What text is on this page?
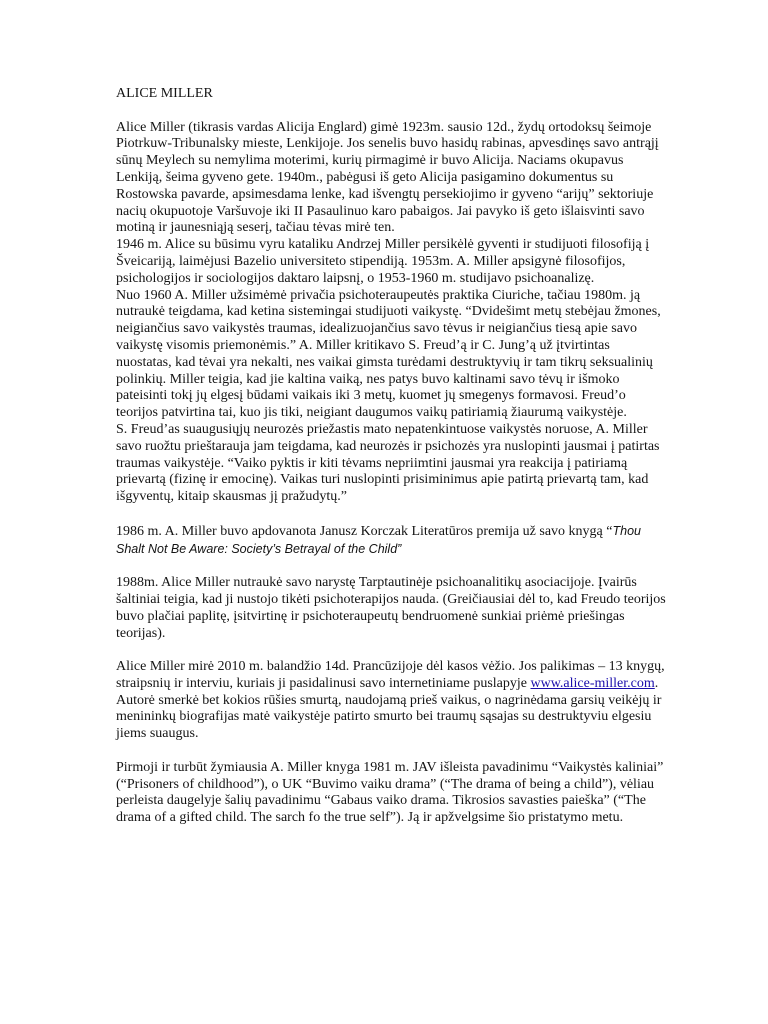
ALICE MILLER

Alice Miller (tikrasis vardas Alicija Englard) gimė 1923m. sausio 12d., žydų ortodoksų šeimoje Piotrkuw-Tribunalsky mieste, Lenkijoje. Jos senelis buvo hasidų rabinas, apvesdinęs savo antrąjį sūnų Meylech su nemylima moterimi, kurių pirmagimė ir buvo Alicija. Naciams okupavus Lenkiją, šeima gyveno gete. 1940m., pabėgusi iš geto Alicija pasigamino dokumentus su Rostowska pavarde, apsimesdama lenke, kad išvengtų persekiojimo ir gyveno “arijų” sektoriuje nacių okupuotoje Varšuvoje iki II Pasaulinuo karo pabaigos. Jai pavyko iš geto išlaisvinti savo motiną ir jaunesniąją seserį, tačiau tėvas mirė ten.

1946 m. Alice su būsimu vyru kataliku Andrzej Miller persikėlė gyventi ir studijuoti filosofiją į Šveicariją, laimėjusi Bazelio universiteto stipendiją. 1953m. A. Miller apsigynė filosofijos, psichologijos ir sociologijos daktaro laipsnį, o 1953-1960 m. studijavo psichoanalizę.

Nuo 1960 A. Miller užsimėmė privačia psichoteraupeutės praktika Ciuriche, tačiau 1980m. ją nutraukė teigdama, kad ketina sistemingai studijuoti vaikystę. “Dvidešimt metų stebėjau žmones, neigiančius savo vaikystės traumas, idealizuojančius savo tėvus ir neigiančius tiesą apie savo vaikystę visomis priemonėmis.” A. Miller kritikavo S. Freud’ą ir C. Jung’ą už įtvirtintas nuostatas, kad tėvai yra nekalti, nes vaikai gimsta turėdami destruktyvių ir tam tikrų seksualinių polinkių. Miller teigia, kad jie kaltina vaiką, nes patys buvo kaltinami savo tėvų ir išmoko pateisinti tokį jų elgesį būdami vaikais iki 3 metų, kuomet jų smegenys formavosi. Freud’o teorijos patvirtina tai, kuo jis tiki, neigiant daugumos vaikų patiriamią žiaurumą vaikystėje.

S. Freud’as suaugusiųjų neurozės priežastis mato nepatenkintuose vaikystės noruose, A. Miller savo ruožtu prieštarauja jam teigdama, kad neurozės ir psichozės yra nuslopinti jausmai į patirtas traumas vaikystėje. “Vaiko pyktis ir kiti tėvams nepriimtini jausmai yra reakcija į patiriamą prievartą (fizinę ir emocinę). Vaikas turi nuslopinti prisiminimus apie patirtą prievartą tam, kad išgyventų, kitaip skausmas jį pražudytų.”

1986 m. A. Miller buvo apdovanota Janusz Korczak Literatūros premija už savo knygą “Thou Shalt Not Be Aware: Society’s Betrayal of the Child”

1988m. Alice Miller nutraukė savo narystę Tarptautinėje psichoanalitikų asociacijoje. Įvairūs šaltiniai teigia, kad ji nustojo tikėti psichoterapijos nauda. (Greičiausiai dėl to, kad Freudo teorijos buvo plačiai paplitę, įsitvirtinę ir psichoteraupeutų bendruomenė sunkiai priėmė priešingas teorijas).

Alice Miller mirė 2010 m. balandžio 14d. Prancūzijoje dėl kasos vėžio. Jos palikimas – 13 knygų, straipsnių ir interviu, kuriais ji pasidalinusi savo internetiniame puslapyje www.alice-miller.com. Autorė smerkė bet kokios rūšies smurtą, naudojamą prieš vaikus, o nagrinėdama garsių veikėjų ir menininkų biografijas matė vaikystėje patirto smurto bei traumų sąsajas su destruktyviu elgesiu jiems suaugus.

Pirmoji ir turbūt žymiausia A. Miller knyga 1981 m. JAV išleista pavadinimu “Vaikystės kaliniai” (“Prisoners of childhood”), o UK “Buvimo vaiku drama” (“The drama of being a child”), vėliau perleista daugelyje šalių pavadinimu “Gabaus vaiko drama. Tikrosios savasties paieška” (“The drama of a gifted child. The sarch fo the true self”). Ją ir apžvelgsime šio pristatymo metu.
